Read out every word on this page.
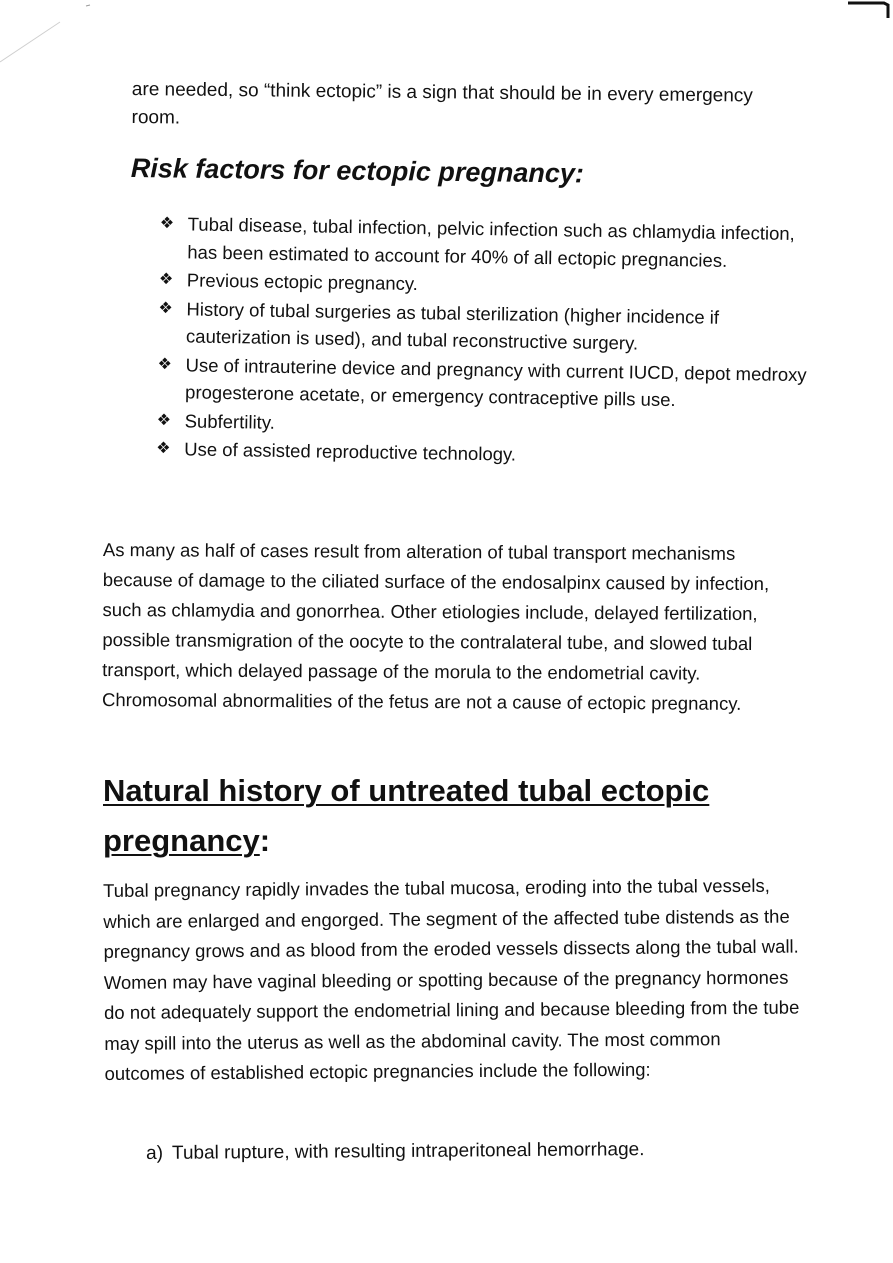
are needed, so “think ectopic” is a sign that should be in every emergency room.
Risk factors for ectopic pregnancy:
❖ Tubal disease, tubal infection, pelvic infection such as chlamydia infection, has been estimated to account for 40% of all ectopic pregnancies.
❖ Previous ectopic pregnancy.
❖ History of tubal surgeries as tubal sterilization (higher incidence if cauterization is used), and tubal reconstructive surgery.
❖ Use of intrauterine device and pregnancy with current IUCD, depot medroxy progesterone acetate, or emergency contraceptive pills use.
❖ Subfertility.
❖ Use of assisted reproductive technology.

As many as half of cases result from alteration of tubal transport mechanisms because of damage to the ciliated surface of the endosalpinx caused by infection, such as chlamydia and gonorrhea. Other etiologies include, delayed fertilization, possible transmigration of the oocyte to the contralateral tube, and slowed tubal transport, which delayed passage of the morula to the endometrial cavity. Chromosomal abnormalities of the fetus are not a cause of ectopic pregnancy.

Natural history of untreated tubal ectopic pregnancy:

Tubal pregnancy rapidly invades the tubal mucosa, eroding into the tubal vessels, which are enlarged and engorged. The segment of the affected tube distends as the pregnancy grows and as blood from the eroded vessels dissects along the tubal wall. Women may have vaginal bleeding or spotting because of the pregnancy hormones do not adequately support the endometrial lining and because bleeding from the tube may spill into the uterus as well as the abdominal cavity. The most common outcomes of established ectopic pregnancies include the following:

a) Tubal rupture, with resulting intraperitoneal hemorrhage.
